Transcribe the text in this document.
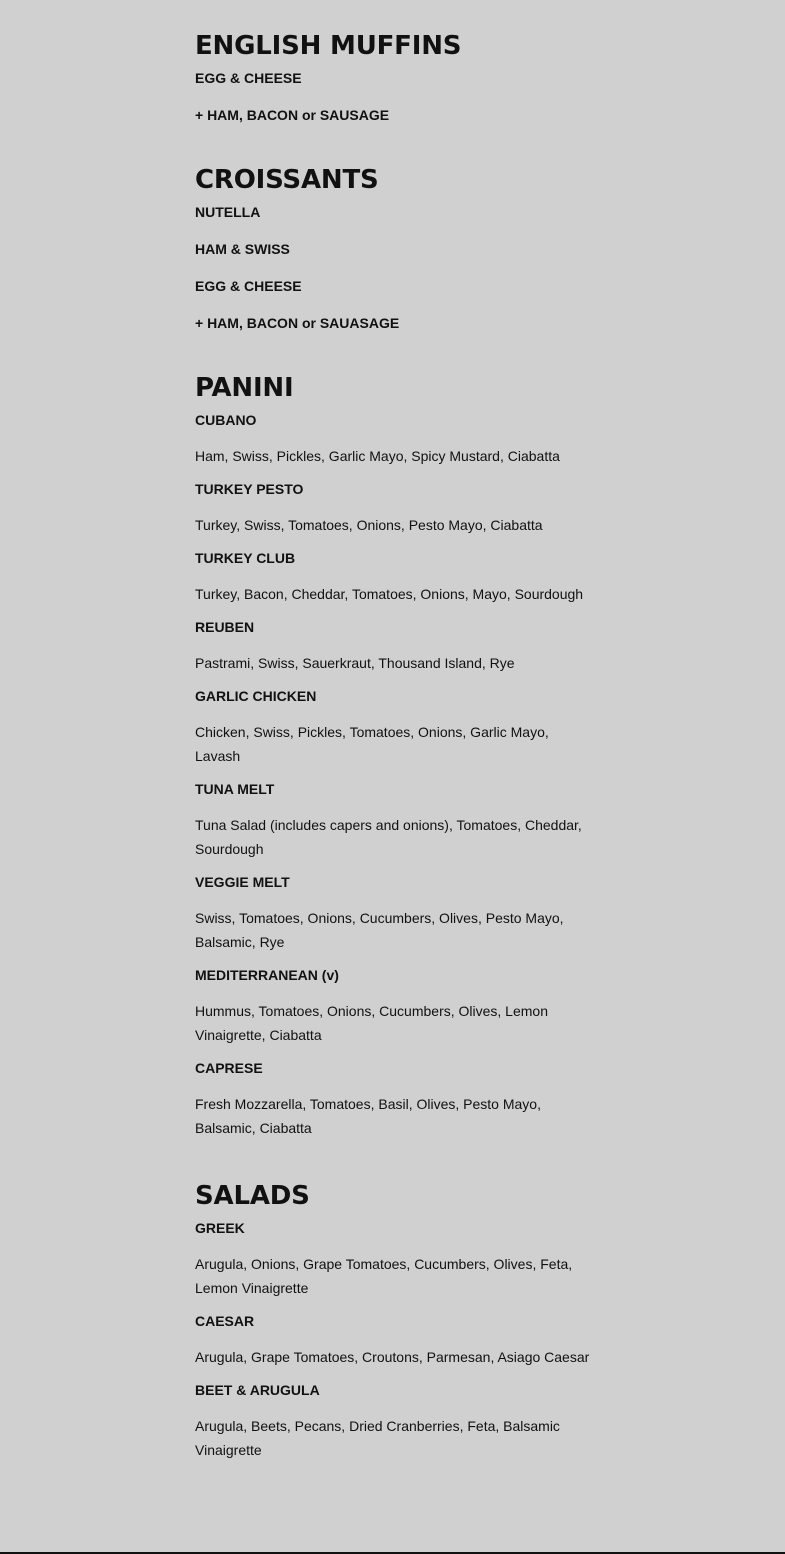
ENGLISH MUFFINS
EGG & CHEESE
+ HAM, BACON or SAUSAGE
CROISSANTS
NUTELLA
HAM & SWISS
EGG & CHEESE
+ HAM, BACON or SAUASAGE
PANINI
CUBANO
Ham, Swiss, Pickles, Garlic Mayo, Spicy Mustard, Ciabatta
TURKEY PESTO
Turkey, Swiss, Tomatoes, Onions, Pesto Mayo, Ciabatta
TURKEY CLUB
Turkey, Bacon, Cheddar, Tomatoes, Onions, Mayo, Sourdough
REUBEN
Pastrami, Swiss, Sauerkraut, Thousand Island, Rye
GARLIC CHICKEN
Chicken, Swiss, Pickles, Tomatoes, Onions, Garlic Mayo, Lavash
TUNA MELT
Tuna Salad (includes capers and onions), Tomatoes, Cheddar, Sourdough
VEGGIE MELT
Swiss, Tomatoes, Onions, Cucumbers, Olives, Pesto Mayo, Balsamic, Rye
MEDITERRANEAN (v)
Hummus, Tomatoes, Onions, Cucumbers, Olives, Lemon Vinaigrette, Ciabatta
CAPRESE
Fresh Mozzarella, Tomatoes, Basil, Olives, Pesto Mayo, Balsamic, Ciabatta
SALADS
GREEK
Arugula, Onions, Grape Tomatoes, Cucumbers, Olives, Feta, Lemon Vinaigrette
CAESAR
Arugula, Grape Tomatoes, Croutons, Parmesan, Asiago Caesar
BEET & ARUGULA
Arugula, Beets, Pecans, Dried Cranberries, Feta, Balsamic Vinaigrette
